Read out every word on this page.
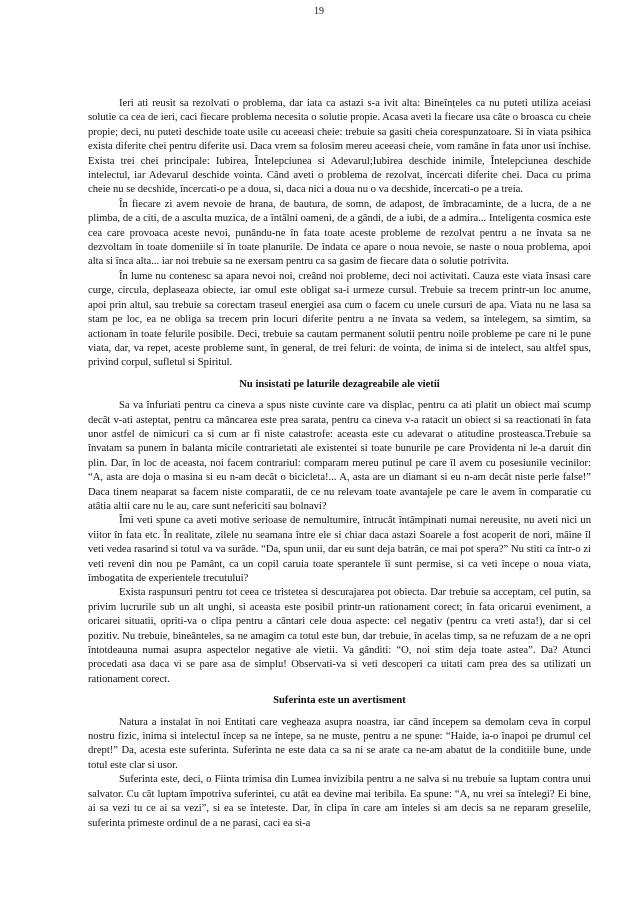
19

Ieri ati reusit sa rezolvati o problema, dar iata ca astazi s-a ivit alta: Bineînțeles ca nu puteti utiliza aceiasi solutie ca cea de ieri, caci fiecare problema necesita o solutie propie. Acasa aveti la fiecare usa câte o broasca cu cheie propie; deci, nu puteti deschide toate usile cu aceeasi cheie: trebuie sa gasiti cheia corespunzatoare. Si în viata psihica exista diferite chei pentru diferite usi. Daca vrem sa folosim mereu aceeasi cheie, vom ramâne în fata unor usi închise. Exista trei chei principale: Iubirea, Întelepciunea si Adevarul;Iubirea deschide inimile, Întelepciunea deschide intelectul, iar Adevarul deschide vointa. Când aveti o problema de rezolvat, încercati diferite chei. Daca cu prima cheie nu se decshide, încercati-o pe a doua, si, daca nici a doua nu o va decshide, încercati-o pe a treia.

În fiecare zi avem nevoie de hrana, de bautura, de somn, de adapost, de îmbracaminte, de a lucra, de a ne plimba, de a citi, de a asculta muzica, de a întâlni oameni, de a gândi, de a iubi, de a admira... Inteligenta cosmica este cea care provoaca aceste nevoi, punându-ne în fata toate aceste probleme de rezolvat pentru a ne învata sa ne dezvoltam în toate domeniile si în toate planurile. De îndata ce apare o noua nevoie, se naste o noua problema, apoi alta si înca alta... iar noi trebuie sa ne exersam pentru ca sa gasim de fiecare data o solutie potrivita.

În lume nu contenesc sa apara nevoi noi, creând noi probleme, deci noi activitati. Cauza este viata însasi care curge, circula, deplaseaza obiecte, iar omul este obligat sa-i urmeze cursul. Trebuie sa trecem printr-un loc anume, apoi prin altul, sau trebuie sa corectam traseul energiei asa cum o facem cu unele cursuri de apa. Viata nu ne lasa sa stam pe loc, ea ne obliga sa trecem prin locuri diferite pentru a ne învata sa vedem, sa întelegem, sa simtim, sa actionam în toate felurile posibile. Deci, trebuie sa cautam permanent solutii pentru noile probleme pe care ni le pune viata, dar, va repet, aceste probleme sunt, în general, de trei feluri: de vointa, de inima si de intelect, sau altfel spus, privind corpul, sufletul si Spiritul.

Nu insistati pe laturile dezagreabile ale vietii

Sa va înfuriati pentru ca cineva a spus niste cuvinte care va displac, pentru ca ati platit un obiect mai scump decât v-ati asteptat, pentru ca mâncarea este prea sarata, pentru ca cineva v-a ratacit un obiect si sa reactionati în fata unor astfel de nimicuri ca si cum ar fi niste catastrofe: aceasta este cu adevarat o atitudine prosteasca.Trebuie sa învatam sa punem în balanta micile contrarietati ale existentei si toate bunurile pe care Providenta ni le-a daruit din plin. Dar, în loc de aceasta, noi facem contrariul: comparam mereu putinul pe care îl avem cu posesiunile vecinilor: “A, asta are doja o masina si eu n-am decât o bicicleta!... A, asta are un diamant si eu n-am decât niste perle false!” Daca tinem neaparat sa facem niste comparatii, de ce nu relevam toate avantajele pe care le avem în comparatie cu atâtia altii care nu le au, care sunt nefericiti sau bolnavi?

Îmi veti spune ca aveti motive serioase de nemultumire, întrucât întâmpinati numai nereusite, nu aveti nici un viitor în fata etc. În realitate, zilele nu seamana între ele si chiar daca astazi Soarele a fost acoperit de nori, mâine îl veti vedea rasarind si totul va va surâde. “Da, spun unii, dar eu sunt deja batrân, ce mai pot spera?” Nu stiti ca într-o zi veti reveni din nou pe Pamânt, ca un copil caruia toate sperantele îi sunt permise, si ca veti începe o noua viata, îmbogatita de experientele trecutului?

Exista raspunsuri pentru tot ceea ce tristetea si descurajarea pot obiecta. Dar trebuie sa acceptam, cel putin, sa privim lucrurile sub un alt unghi, si aceasta este posibil printr-un rationament corect; în fata oricarui eveniment, a oricarei situatii, opriti-va o clipa pentru a cântari cele doua aspecte: cel negativ (pentru ca vreti asta!), dar si cel pozitiv. Nu trebuie, bineânteles, sa ne amagim ca totul este bun, dar trebuie, în acelas timp, sa ne refuzam de a ne opri întotdeauna numai asupra aspectelor negative ale vietii. Va gânditi: “O, noi stim deja toate astea”. Da? Atunci procedati asa daca vi se pare asa de simplu! Observati-va si veti descoperi ca uitati cam prea des sa utilizati un rationament corect.

Suferinta este un avertisment

Natura a instalat în noi Entitati care vegheaza asupra noastra, iar când începem sa demolam ceva în corpul nostru fizic, inima si intelectul încep sa ne întepe, sa ne muste, pentru a ne spune: “Haide, ia-o înapoi pe drumul cel drept!” Da, acesta este suferinta. Suferinta ne este data ca sa ni se arate ca ne-am abatut de la conditiile bune, unde totul este clar si usor.

Suferinta este, deci, o Fiinta trimisa din Lumea invizibila pentru a ne salva si nu trebuie sa luptam contra unui salvator. Cu cât luptam împotriva suferintei, cu atât ea devine mai teribila. Ea spune: “A, nu vrei sa întelegi? Ei bine, ai sa vezi tu ce ai sa vezi”, si ea se înteteste. Dar, în clipa în care am înteles si am decis sa ne reparam greselile, suferinta primeste ordinul de a ne parasi, caci ea si-a
